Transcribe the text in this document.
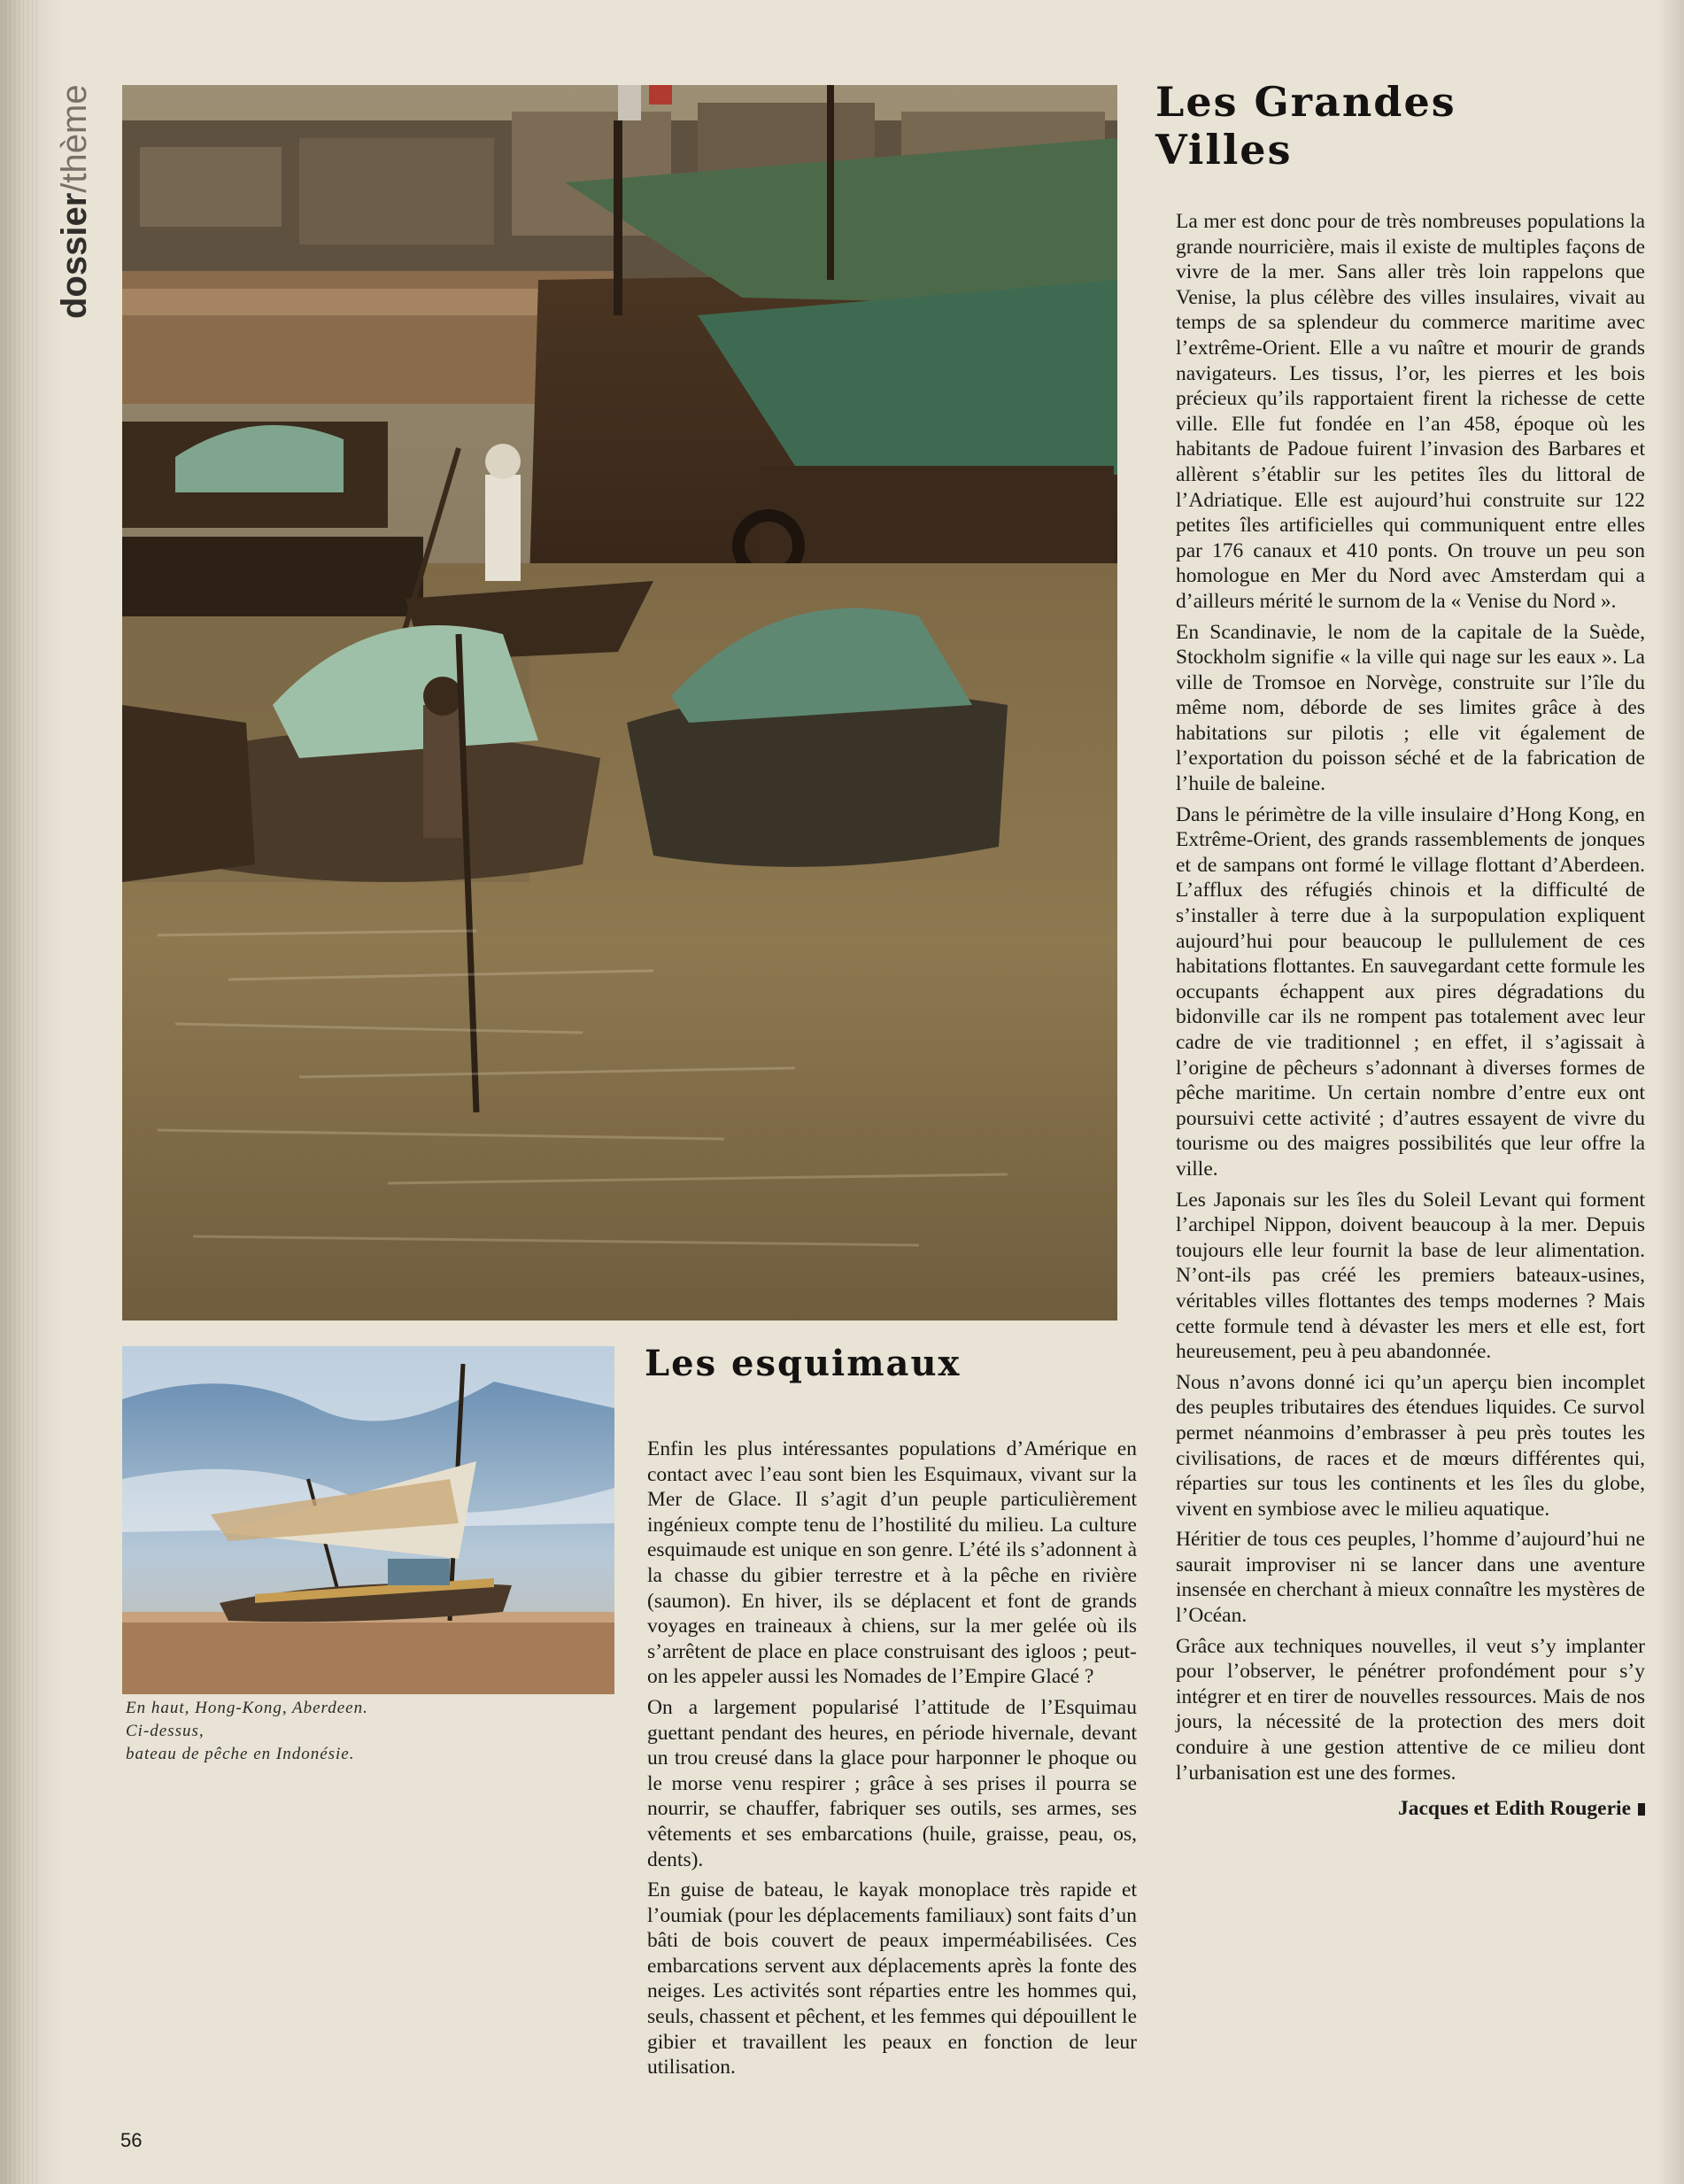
dossier/thème
En haut, Hong-Kong, Aberdeen.
Ci-dessus,
bateau de pêche en Indonésie.
Les Grandes
Villes

La mer est donc pour de très nombreuses populations la grande nourricière, mais il existe de multiples façons de vivre de la mer. Sans aller très loin rappelons que Venise, la plus célèbre des villes insulaires, vivait au temps de sa splendeur du commerce maritime avec l’extrême-Orient. Elle a vu naître et mourir de grands navigateurs. Les tissus, l’or, les pierres et les bois précieux qu’ils rapportaient firent la richesse de cette ville. Elle fut fondée en l’an 458, époque où les habitants de Padoue fuirent l’invasion des Barbares et allèrent s’établir sur les petites îles du littoral de l’Adriatique. Elle est aujourd’hui construite sur 122 petites îles artificielles qui communiquent entre elles par 176 canaux et 410 ponts. On trouve un peu son homologue en Mer du Nord avec Amsterdam qui a d’ailleurs mérité le surnom de la « Venise du Nord ».

En Scandinavie, le nom de la capitale de la Suède, Stockholm signifie « la ville qui nage sur les eaux ». La ville de Tromsoe en Norvège, construite sur l’île du même nom, déborde de ses limites grâce à des habitations sur pilotis ; elle vit également de l’exportation du poisson séché et de la fabrication de l’huile de baleine.

Dans le périmètre de la ville insulaire d’Hong Kong, en Extrême-Orient, des grands rassemblements de jonques et de sampans ont formé le village flottant d’Aberdeen. L’afflux des réfugiés chinois et la difficulté de s’installer à terre due à la surpopulation expliquent aujourd’hui pour beaucoup le pullulement de ces habitations flottantes. En sauvegardant cette formule les occupants échappent aux pires dégradations du bidonville car ils ne rompent pas totalement avec leur cadre de vie traditionnel ; en effet, il s’agissait à l’origine de pêcheurs s’adonnant à diverses formes de pêche maritime. Un certain nombre d’entre eux ont poursuivi cette activité ; d’autres essayent de vivre du tourisme ou des maigres possibilités que leur offre la ville.

Les Japonais sur les îles du Soleil Levant qui forment l’archipel Nippon, doivent beaucoup à la mer. Depuis toujours elle leur fournit la base de leur alimentation. N’ont-ils pas créé les premiers bateaux-usines, véritables villes flottantes des temps modernes ? Mais cette formule tend à dévaster les mers et elle est, fort heureusement, peu à peu abandonnée.

Nous n’avons donné ici qu’un aperçu bien incomplet des peuples tributaires des étendues liquides. Ce survol permet néanmoins d’embrasser à peu près toutes les civilisations, de races et de mœurs différentes qui, réparties sur tous les continents et les îles du globe, vivent en symbiose avec le milieu aquatique.

Héritier de tous ces peuples, l’homme d’aujourd’hui ne saurait improviser ni se lancer dans une aventure insensée en cherchant à mieux connaître les mystères de l’Océan.

Grâce aux techniques nouvelles, il veut s’y implanter pour l’observer, le pénétrer profondément pour s’y intégrer et en tirer de nouvelles ressources. Mais de nos jours, la nécessité de la protection des mers doit conduire à une gestion attentive de ce milieu dont l’urbanisation est une des formes.

Jacques et Edith Rougerie

Les esquimaux

Enfin les plus intéressantes populations d’Amérique en contact avec l’eau sont bien les Esquimaux, vivant sur la Mer de Glace. Il s’agit d’un peuple particulièrement ingénieux compte tenu de l’hostilité du milieu. La culture esquimaude est unique en son genre. L’été ils s’adonnent à la chasse du gibier terrestre et à la pêche en rivière (saumon). En hiver, ils se déplacent et font de grands voyages en traineaux à chiens, sur la mer gelée où ils s’arrêtent de place en place construisant des igloos ; peut-on les appeler aussi les Nomades de l’Empire Glacé ?

On a largement popularisé l’attitude de l’Esquimau guettant pendant des heures, en période hivernale, devant un trou creusé dans la glace pour harponner le phoque ou le morse venu respirer ; grâce à ses prises il pourra se nourrir, se chauffer, fabriquer ses outils, ses armes, ses vêtements et ses embarcations (huile, graisse, peau, os, dents).

En guise de bateau, le kayak monoplace très rapide et l’oumiak (pour les déplacements familiaux) sont faits d’un bâti de bois couvert de peaux imperméabilisées. Ces embarcations servent aux déplacements après la fonte des neiges. Les activités sont réparties entre les hommes qui, seuls, chassent et pêchent, et les femmes qui dépouillent le gibier et travaillent les peaux en fonction de leur utilisation.

56
